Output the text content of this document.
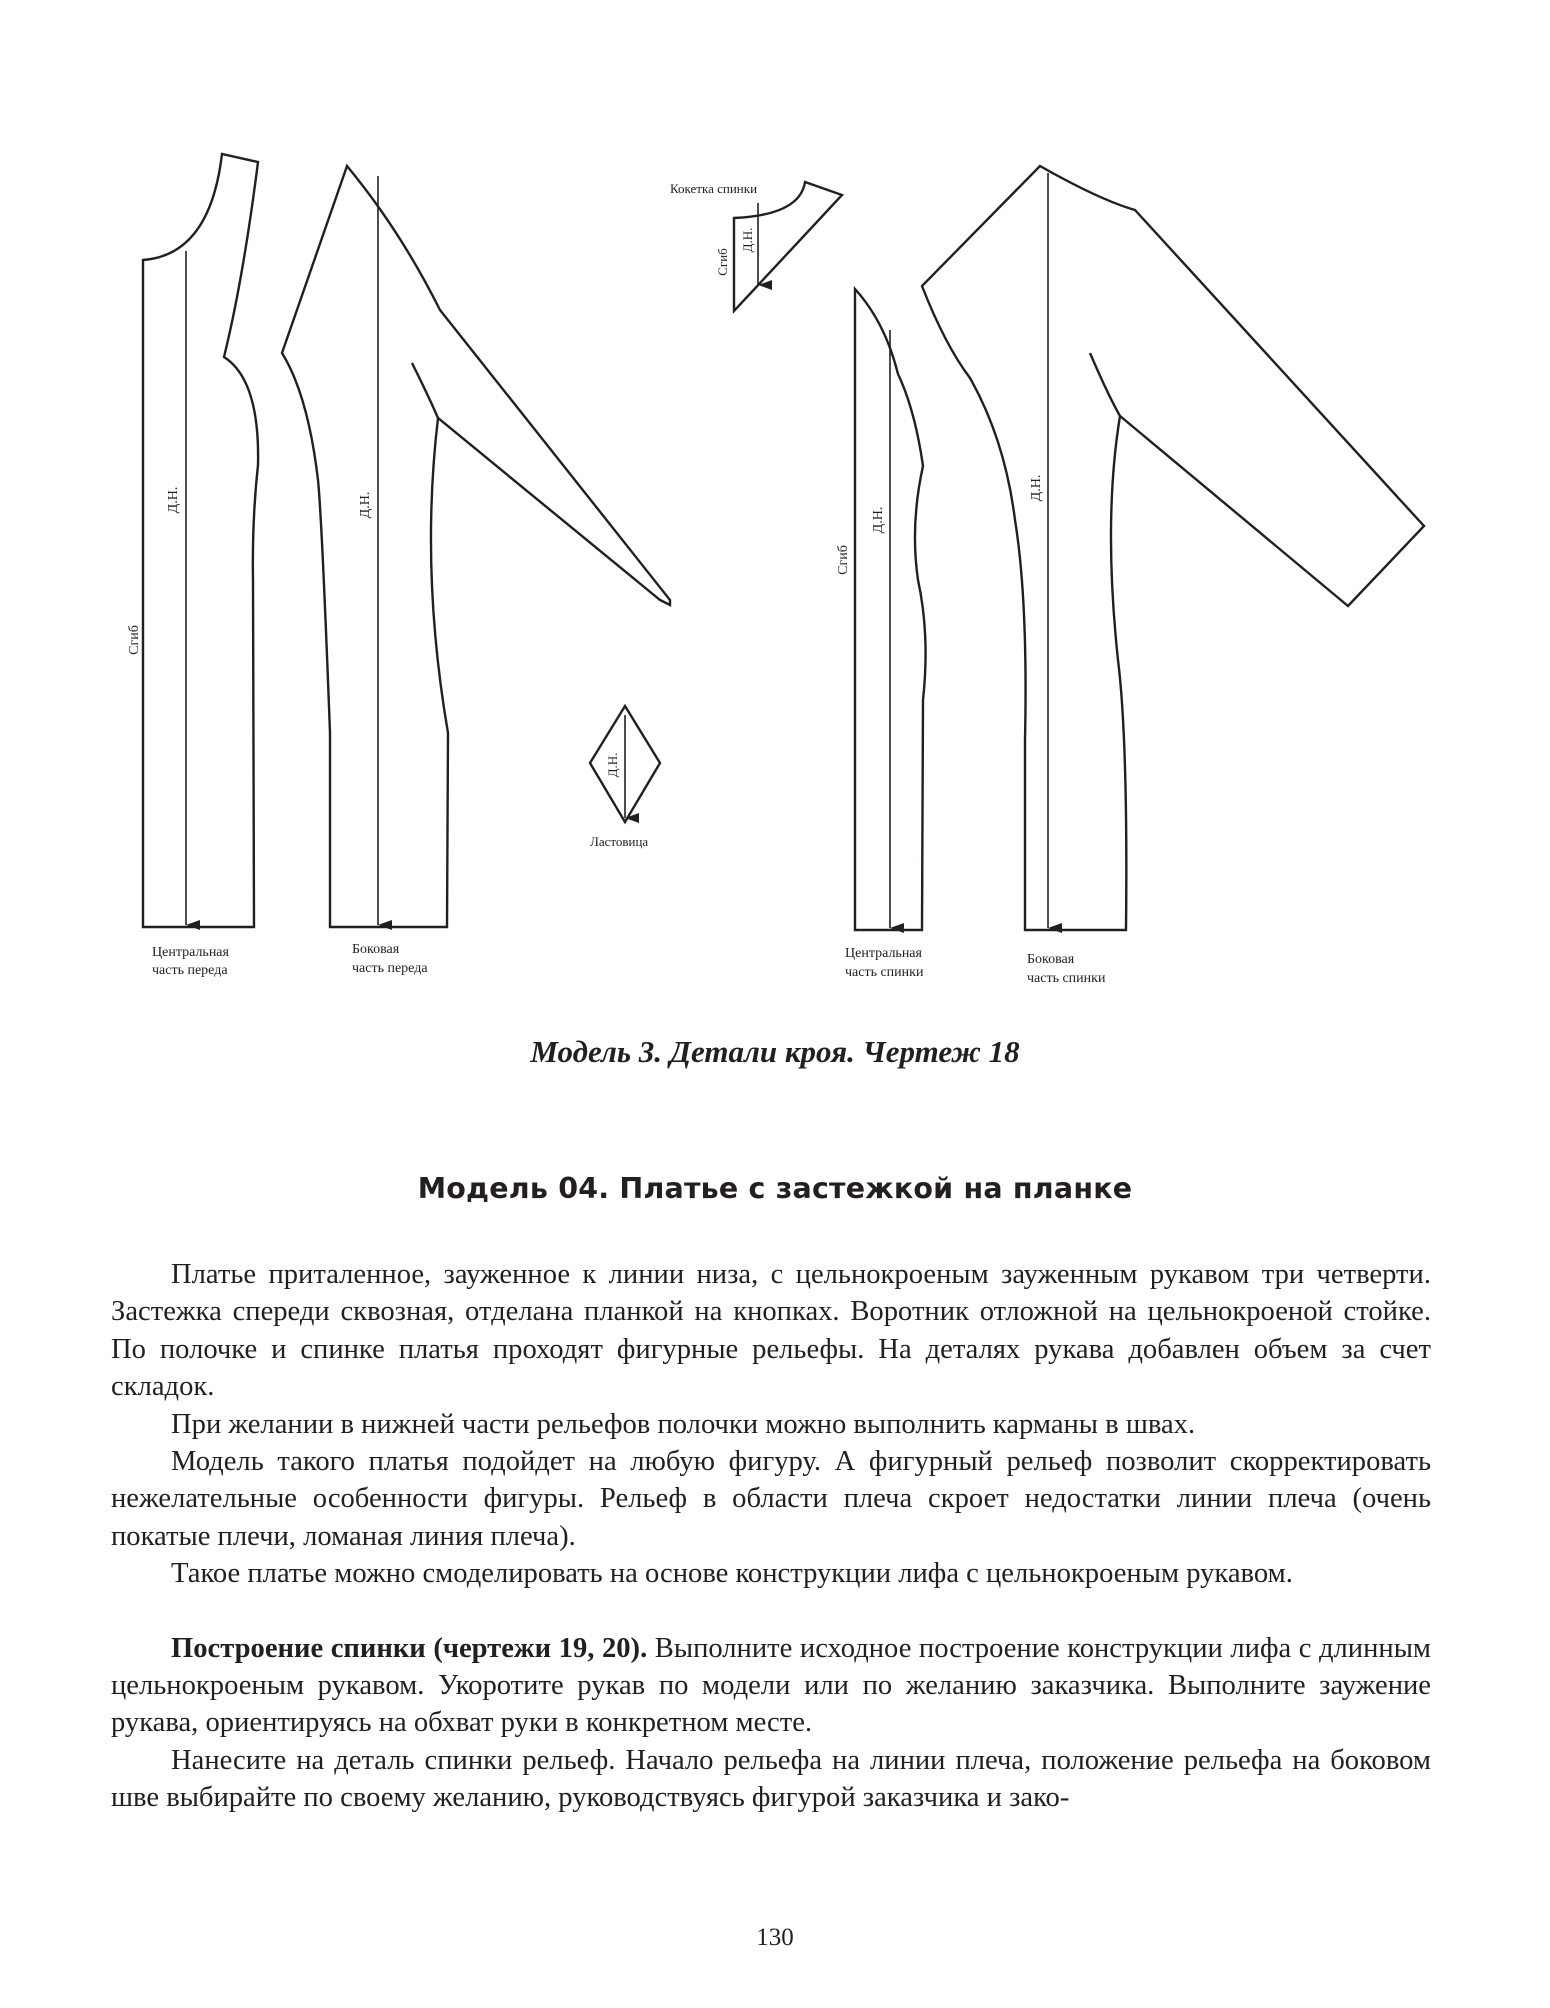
Д.Н.
Сгиб
Д.Н.
Кокетка спинки
Д.Н.
Сгиб
Д.Н.
Ластовица
Д.Н.
Сгиб
Д.Н.
Центральная
часть переда
Боковая
часть переда
Центральная
часть спинки
Боковая
часть спинки
Модель 3. Детали кроя. Чертеж 18
Модель 04. Платье с застежкой на планке

Платье приталенное, зауженное к линии низа, с цельнокроеным зауженным рукавом три четверти. Застежка спереди сквозная, отделана планкой на кнопках. Воротник отложной на цельнокроеной стойке. По полочке и спинке платья проходят фигурные рельефы. На деталях рукава добавлен объем за счет складок.

При желании в нижней части рельефов полочки можно выполнить карманы в швах.

Модель такого платья подойдет на любую фигуру. А фигурный рельеф позволит скорректировать нежелательные особенности фигуры. Рельеф в области плеча скроет недостатки линии плеча (очень покатые плечи, ломаная линия плеча).

Такое платье можно смоделировать на основе конструкции лифа с цельнокроеным рукавом.

Построение спинки (чертежи 19, 20). Выполните исходное построение конструкции лифа с длинным цельнокроеным рукавом. Укоротите рукав по модели или по желанию заказчика. Выполните заужение рукава, ориентируясь на обхват руки в конкретном месте.

Нанесите на деталь спинки рельеф. Начало рельефа на линии плеча, положение рельефа на боковом шве выбирайте по своему желанию, руководствуясь фигурой заказчика и зако-

130
